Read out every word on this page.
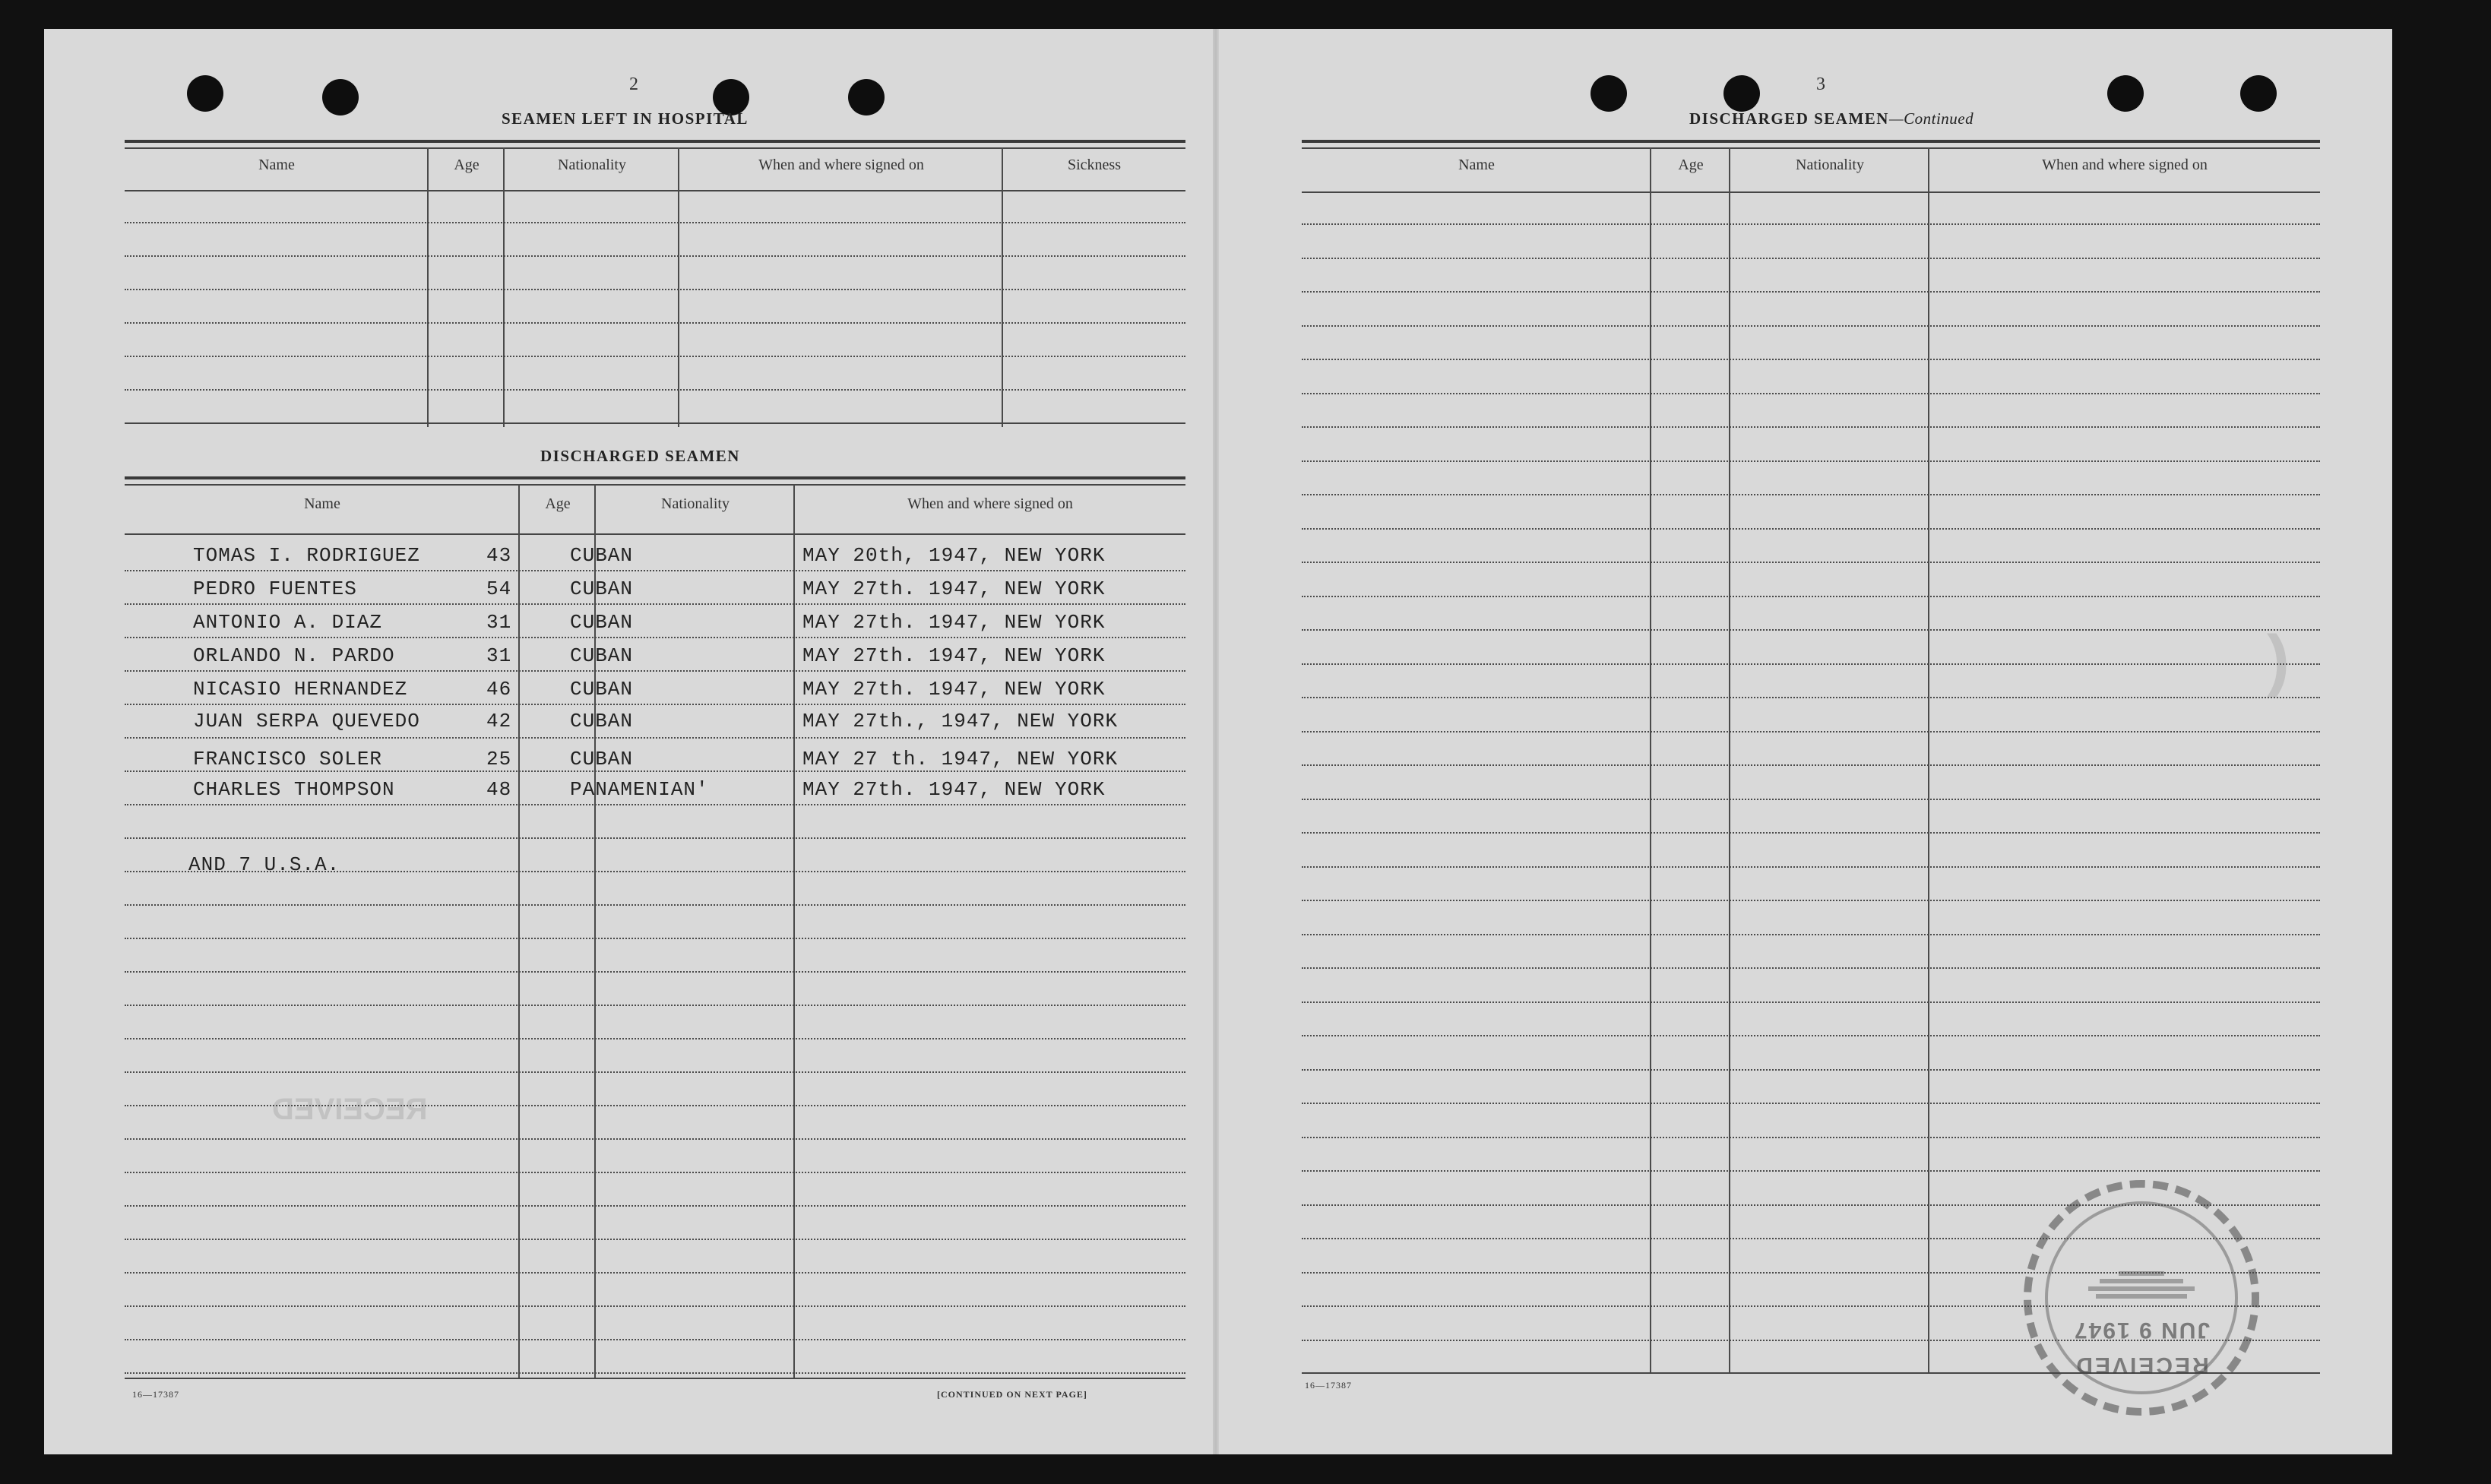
2
SEAMEN LEFT IN HOSPITAL
Name	Age	Nationality	When and where signed on	Sickness
DISCHARGED SEAMEN
Name	Age	Nationality	When and where signed on
TOMAS I. RODRIGUEZ	43	CUBAN	MAY 20th, 1947, NEW YORK
PEDRO FUENTES	54	CUBAN	MAY 27th. 1947, NEW YORK
ANTONIO A. DIAZ	31	CUBAN	MAY 27th. 1947, NEW YORK
ORLANDO N. PARDO	31	CUBAN	MAY 27th. 1947, NEW YORK
NICASIO HERNANDEZ	46	CUBAN	MAY 27th. 1947, NEW YORK
JUAN SERPA QUEVEDO	42	CUBAN	MAY 27th., 1947, NEW YORK
FRANCISCO SOLER	25	CUBAN	MAY 27 th. 1947, NEW YORK
CHARLES THOMPSON	48	PANAMENIAN'	MAY 27th. 1947, NEW YORK
AND 7 U.S.A.
16—17387	[CONTINUED ON NEXT PAGE]
RECEIVED
3
DISCHARGED SEAMEN—Continued
Name	Age	Nationality	When and where signed on
16—17387
)
RECEIVED
JUN 9 1947
